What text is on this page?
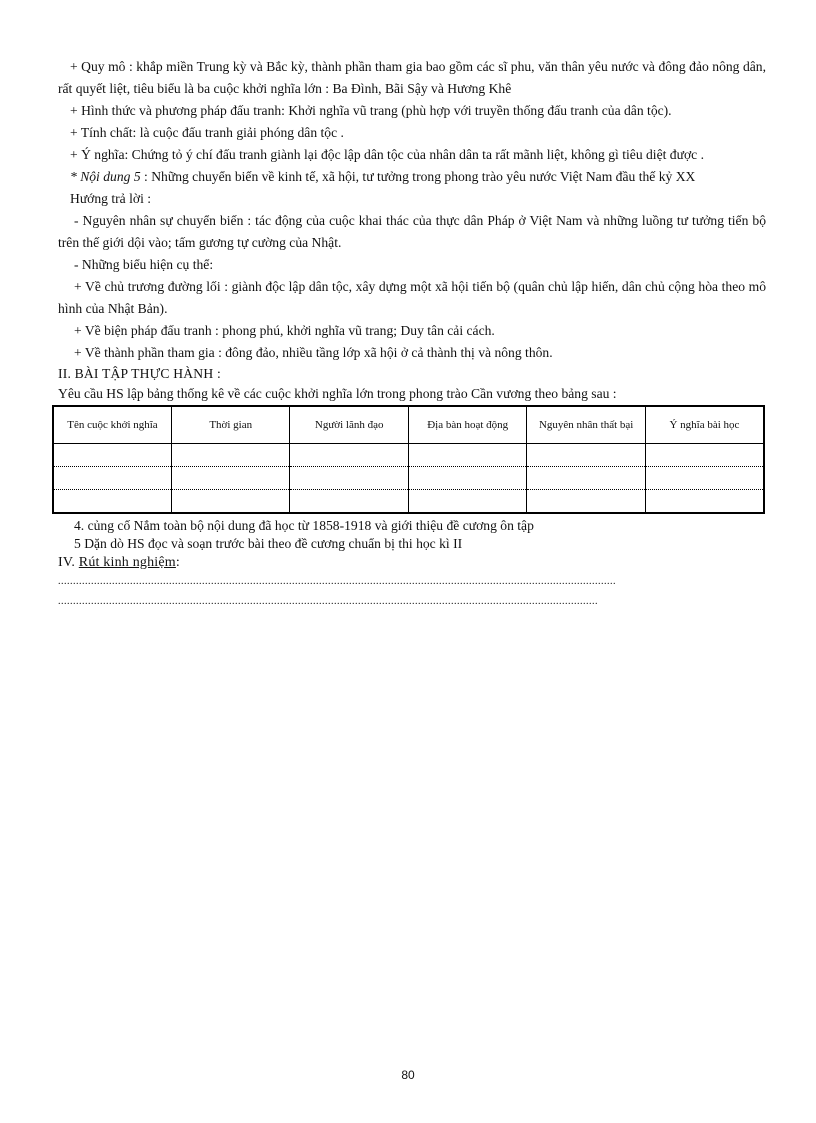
+ Quy mô : khắp miền Trung kỳ và Bắc kỳ, thành phần tham gia bao gồm các sĩ phu, văn thân yêu nước và đông đảo nông dân, rất quyết liệt, tiêu biểu là ba cuộc khởi nghĩa lớn : Ba Đình, Bãi Sậy và Hương Khê

+ Hình thức và phương pháp đấu tranh: Khởi nghĩa vũ trang (phù hợp với truyền thống đấu tranh của dân tộc).

+ Tính chất: là cuộc đấu tranh giải phóng dân tộc .

+ Ý nghĩa: Chứng tỏ ý chí đấu tranh giành lại độc lập dân tộc của nhân dân ta rất mãnh liệt, không gì tiêu diệt được .

* Nội dung 5 : Những chuyển biến về kinh tế, xã hội, tư tưởng trong phong trào yêu nước Việt Nam đầu thế kỷ XX

Hướng trả lời :

- Nguyên nhân sự chuyển biến : tác động của cuộc khai thác của thực dân Pháp ở Việt Nam và những luồng tư tưởng tiến bộ trên thế giới dội vào; tấm gương tự cường của Nhật.

- Những biểu hiện cụ thể:

+ Về chủ trương đường lối : giành độc lập dân tộc, xây dựng một xã hội tiến bộ (quân chủ lập hiến, dân chủ cộng hòa theo mô hình của Nhật Bản).

+ Về biện pháp đấu tranh : phong phú, khởi nghĩa vũ trang; Duy tân cải cách.

+ Về thành phần tham gia : đông đảo, nhiều tầng lớp xã hội ở cả thành thị và nông thôn.

II. BÀI TẬP THỰC HÀNH :

Yêu cầu HS lập bảng thống kê về các cuộc khởi nghĩa lớn trong phong trào Cần vương theo bảng sau :

Tên cuộc khởi nghĩa	Thời gian	Người lãnh đạo	Địa bàn hoạt động	Nguyên nhân thất bại	Ý nghĩa bài học

4. củng cố Nắm toàn bộ nội dung đã học từ 1858-1918 và giới thiệu đề cương ôn tập

5 Dặn dò HS đọc và soạn trước bài theo đề cương chuẩn bị thi học kì II

IV. Rút kinh nghiệm:

..........................................................................................................................................................................................

....................................................................................................................................................................................

80
